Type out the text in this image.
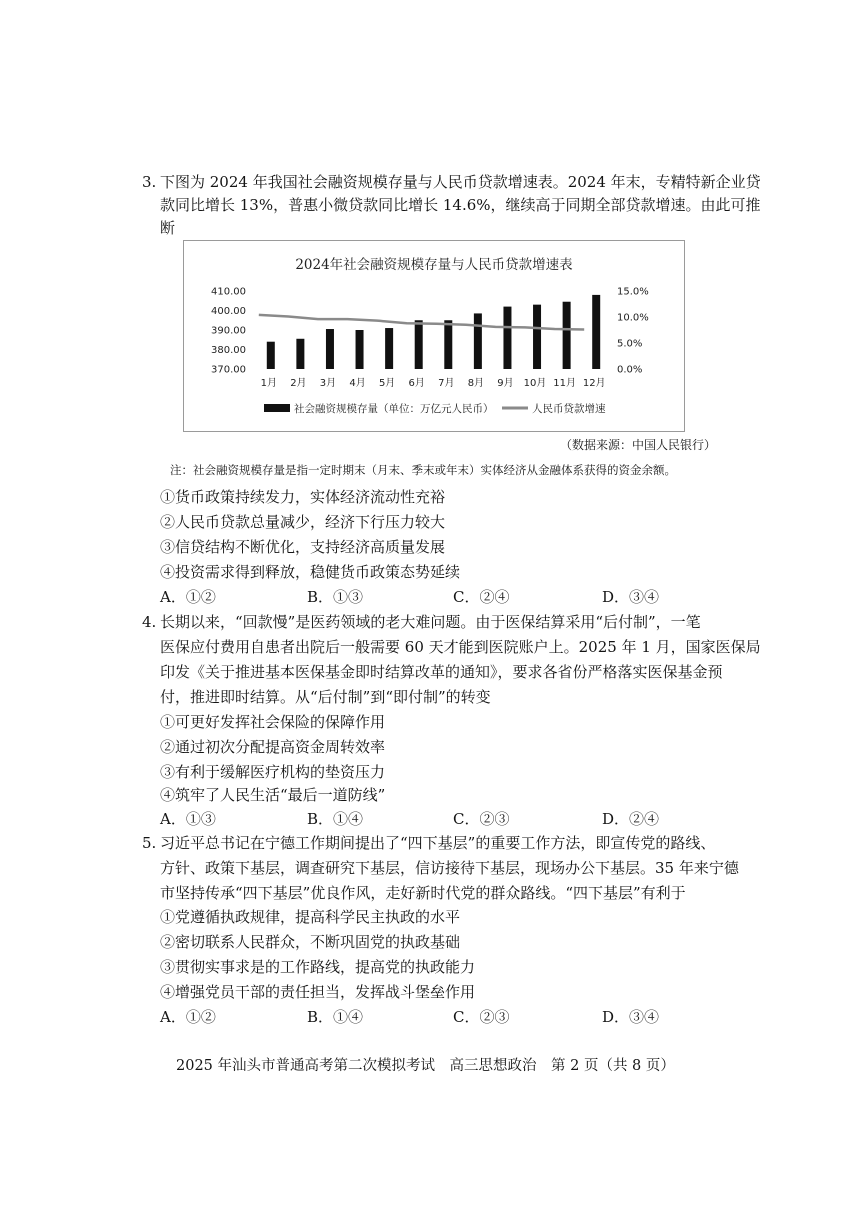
3. 下图为 2024 年我国社会融资规模存量与人民币贷款增速表。2024 年末，专精特新企业贷
款同比增长 13%，普惠小微贷款同比增长 14.6%，继续高于同期全部贷款增速。由此可推
断
2024年社会融资规模存量与人民币贷款增速表
410.00
400.00
390.00
380.00
370.00
15.0%
10.0%
5.0%
0.0%
1月 2月 3月 4月 5月 6月 7月 8月 9月 10月 11月 12月
社会融资规模存量（单位：万亿元人民币）	人民币贷款增速
（数据来源：中国人民银行）
注：社会融资规模存量是指一定时期末（月末、季末或年末）实体经济从金融体系获得的资金余额。
①货币政策持续发力，实体经济流动性充裕
②人民币贷款总量减少，经济下行压力较大
③信贷结构不断优化，支持经济高质量发展
④投资需求得到释放，稳健货币政策态势延续
A．①②	B．①③	C．②④	D．③④
4. 长期以来，“回款慢”是医药领域的老大难问题。由于医保结算采用“后付制”，一笔
医保应付费用自患者出院后一般需要 60 天才能到医院账户上。2025 年 1 月，国家医保局
印发《关于推进基本医保基金即时结算改革的通知》，要求各省份严格落实医保基金预
付，推进即时结算。从“后付制”到“即付制”的转变
①可更好发挥社会保险的保障作用
②通过初次分配提高资金周转效率
③有利于缓解医疗机构的垫资压力
④筑牢了人民生活“最后一道防线”
A．①③	B．①④	C．②③	D．②④
5. 习近平总书记在宁德工作期间提出了“四下基层”的重要工作方法，即宣传党的路线、
方针、政策下基层，调查研究下基层，信访接待下基层，现场办公下基层。35 年来宁德
市坚持传承“四下基层”优良作风，走好新时代党的群众路线。“四下基层”有利于
①党遵循执政规律，提高科学民主执政的水平
②密切联系人民群众，不断巩固党的执政基础
③贯彻实事求是的工作路线，提高党的执政能力
④增强党员干部的责任担当，发挥战斗堡垒作用
A．①②	B．①④	C．②③	D．③④
2025 年汕头市普通高考第二次模拟考试　高三思想政治　第 2 页（共 8 页）
